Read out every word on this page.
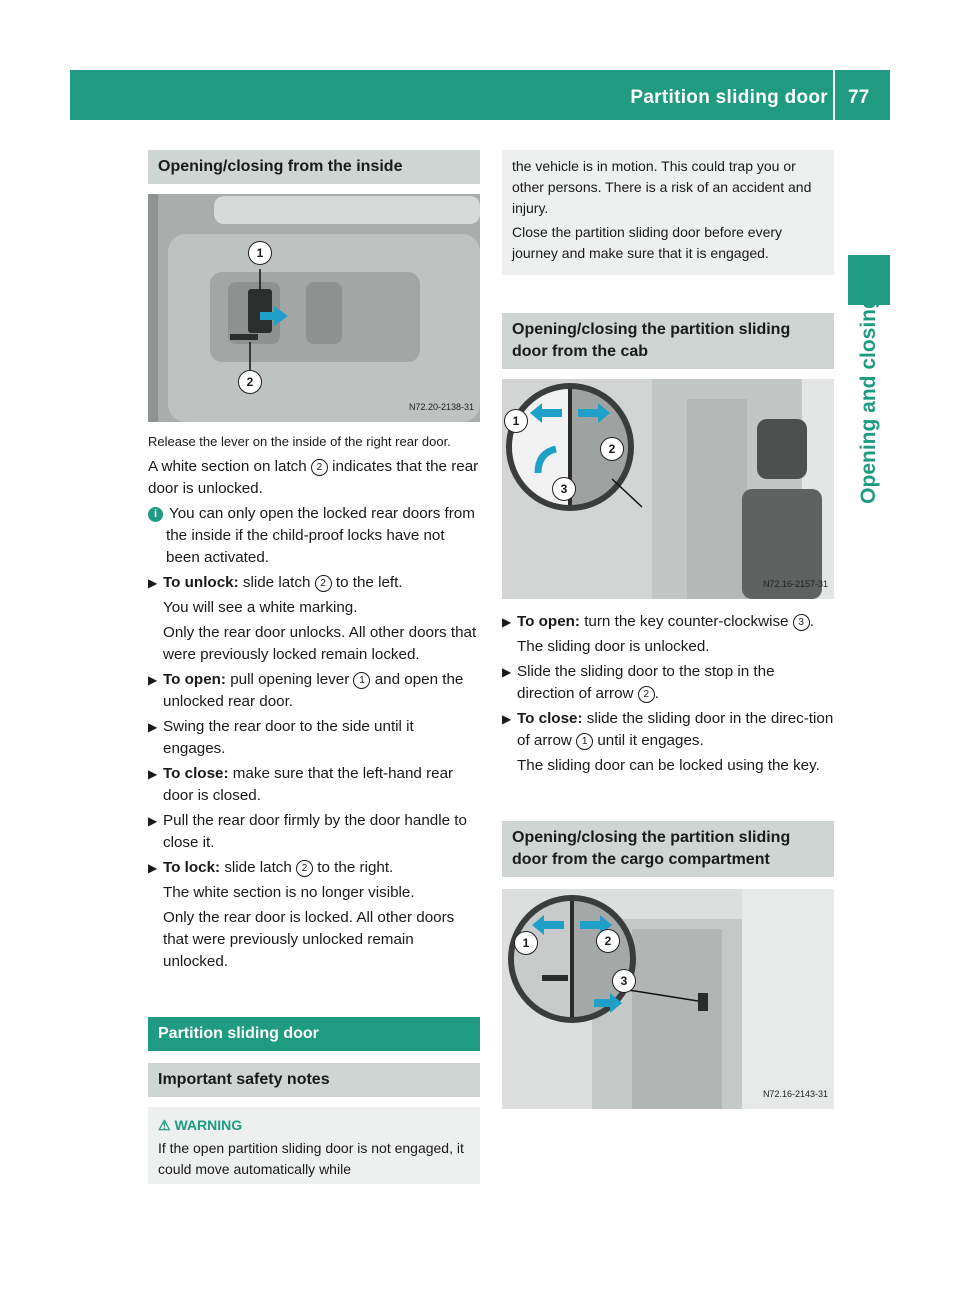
Partition sliding door 77
Opening and closing
Opening/closing from the inside
1
2
N72.20-2138-31

Release the lever on the inside of the right rear door.

A white section on latch 2 indicates that the rear door is unlocked.

i You can only open the locked rear doors from the inside if the child-proof locks have not been activated.

▶ To unlock: slide latch 2 to the left.

You will see a white marking.

Only the rear door unlocks. All other doors that were previously locked remain locked.

▶ To open: pull opening lever 1 and open the unlocked rear door.

▶ Swing the rear door to the side until it engages.

▶ To close: make sure that the left-hand rear door is closed.

▶ Pull the rear door firmly by the door handle to close it.

▶ To lock: slide latch 2 to the right.

The white section is no longer visible.

Only the rear door is locked. All other doors that were previously unlocked remain unlocked.

Partition sliding door
Important safety notes
⚠ WARNING
If the open partition sliding door is not engaged, it could move automatically while

the vehicle is in motion. This could trap you or other persons. There is a risk of an accident and injury.

Close the partition sliding door before every journey and make sure that it is engaged.

Opening/closing the partition sliding door from the cab
1
2
3
N72.16-2157-31

▶ To open: turn the key counter-clockwise 3 .

The sliding door is unlocked.

▶ Slide the sliding door to the stop in the direction of arrow 2 .

▶ To close: slide the sliding door in the direc-tion of arrow 1 until it engages.

The sliding door can be locked using the key.

Opening/closing the partition sliding door from the cargo compartment
1	2
3
N72.16-2143-31
